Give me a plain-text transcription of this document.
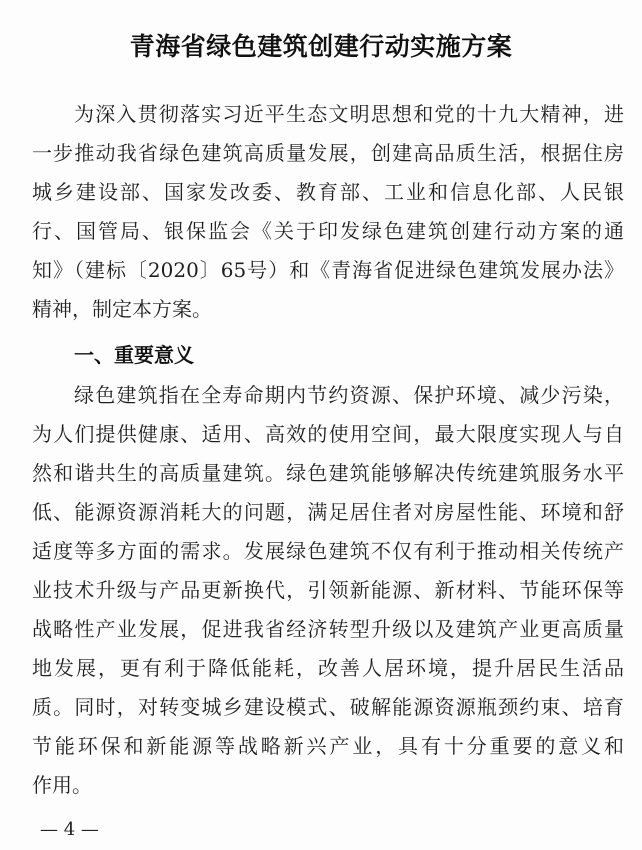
青海省绿色建筑创建行动实施方案
为深入贯彻落实习近平生态文明思想和党的十九大精神，进
一步推动我省绿色建筑高质量发展，创建高品质生活，根据住房
城乡建设部、国家发改委、教育部、工业和信息化部、人民银
行、国管局、银保监会《关于印发绿色建筑创建行动方案的通
知》（建标〔2020〕65号）和《青海省促进绿色建筑发展办法》
精神，制定本方案。
一、重要意义
绿色建筑指在全寿命期内节约资源、保护环境、减少污染，
为人们提供健康、适用、高效的使用空间，最大限度实现人与自
然和谐共生的高质量建筑。绿色建筑能够解决传统建筑服务水平
低、能源资源消耗大的问题，满足居住者对房屋性能、环境和舒
适度等多方面的需求。发展绿色建筑不仅有利于推动相关传统产
业技术升级与产品更新换代，引领新能源、新材料、节能环保等
战略性产业发展，促进我省经济转型升级以及建筑产业更高质量
地发展，更有利于降低能耗，改善人居环境，提升居民生活品
质。同时，对转变城乡建设模式、破解能源资源瓶颈约束、培育
节能环保和新能源等战略新兴产业，具有十分重要的意义和
作用。
— 4 —
